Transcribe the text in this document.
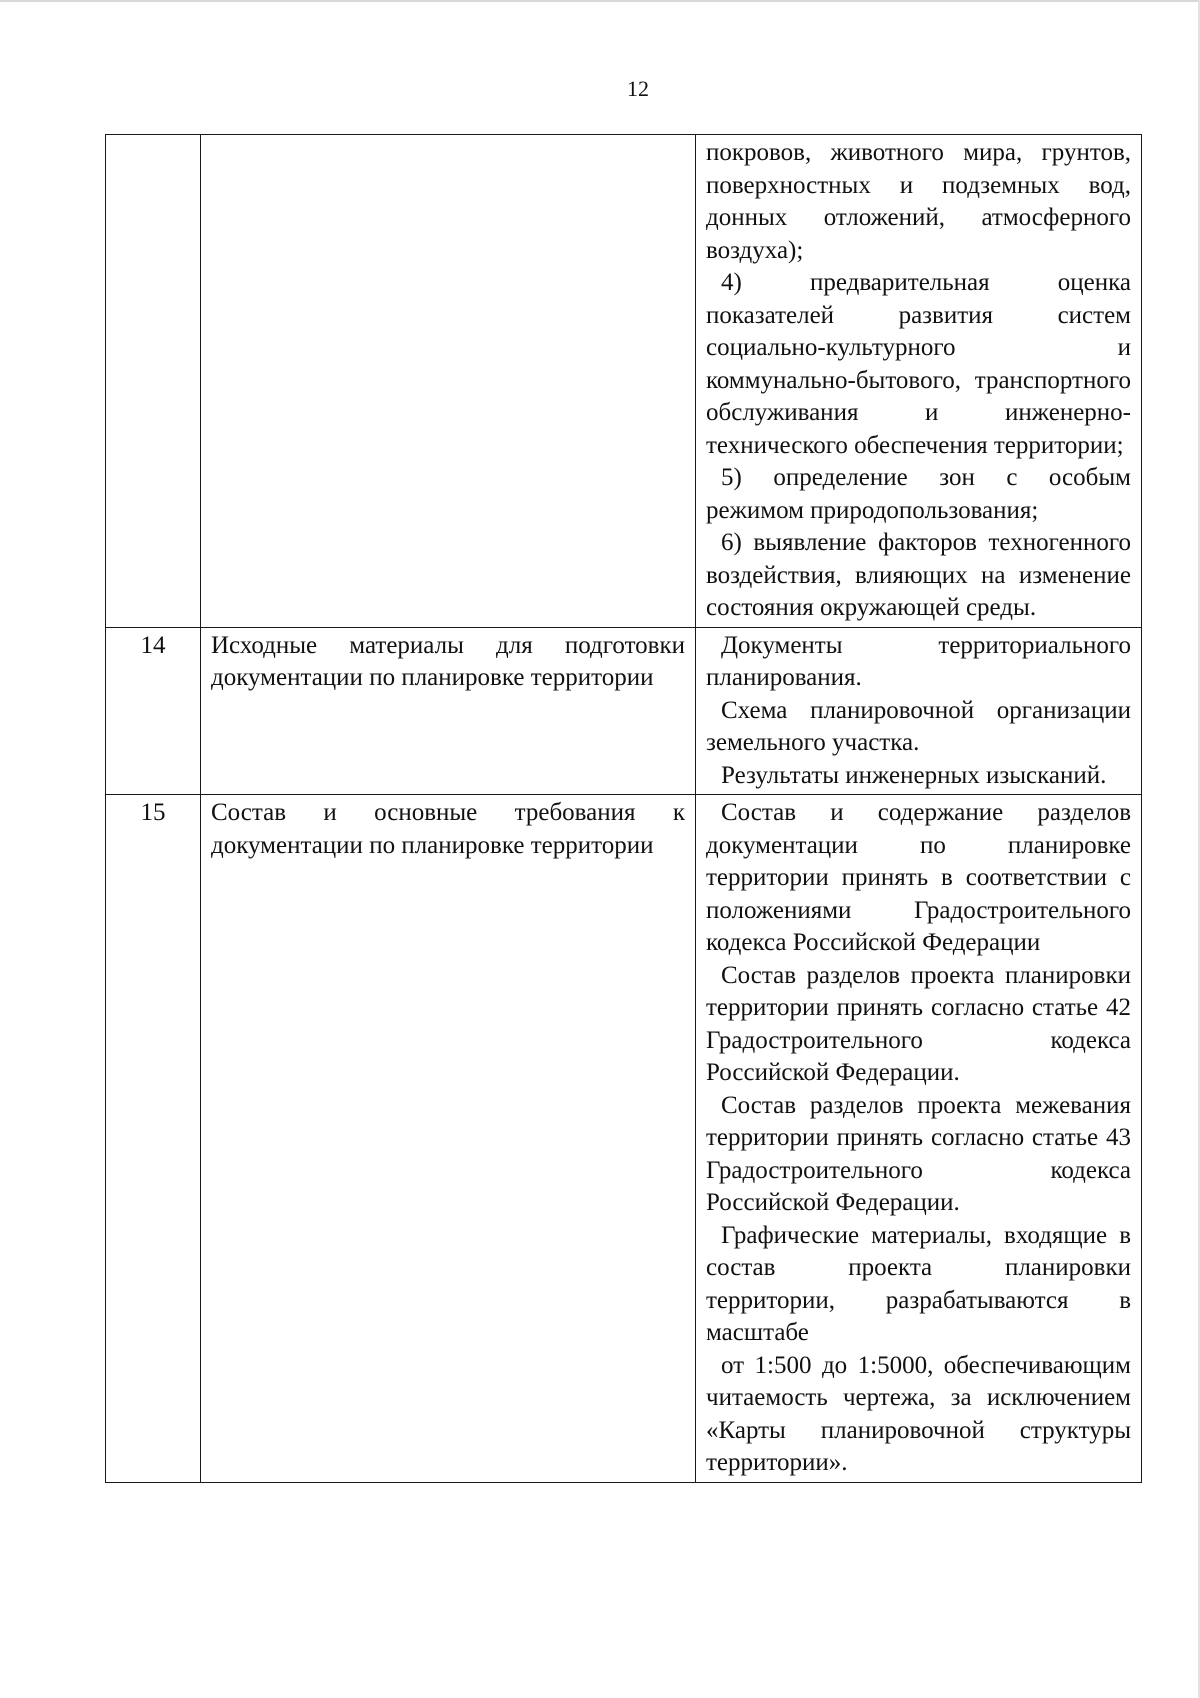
12

		покровов, животного мира, грунтов, поверхностных и подземных вод, донных отложений, атмосферного воздуха);
4) предварительная оценка показателей развития систем социально-культурного и коммунально-бытового, транспортного обслуживания и инженерно-технического обеспечения территории;
5) определение зон с особым режимом природопользования;
6) выявление факторов техногенного воздействия, влияющих на изменение состояния окружающей среды.

14	Исходные материалы для подготовки документации по планировке территории	Документы территориального планирования.
Схема планировочной организации земельного участка.
Результаты инженерных изысканий.

15	Состав и основные требования к документации по планировке территории	Состав и содержание разделов документации по планировке территории принять в соответствии с положениями Градостроительного кодекса Российской Федерации
Состав разделов проекта планировки территории принять согласно статье 42 Градостроительного кодекса Российской Федерации.
Состав разделов проекта межевания территории принять согласно статье 43 Градостроительного кодекса Российской Федерации.
Графические материалы, входящие в состав проекта планировки территории, разрабатываются в масштабе
от 1:500 до 1:5000, обеспечивающим читаемость чертежа, за исключением «Карты планировочной структуры территории».
